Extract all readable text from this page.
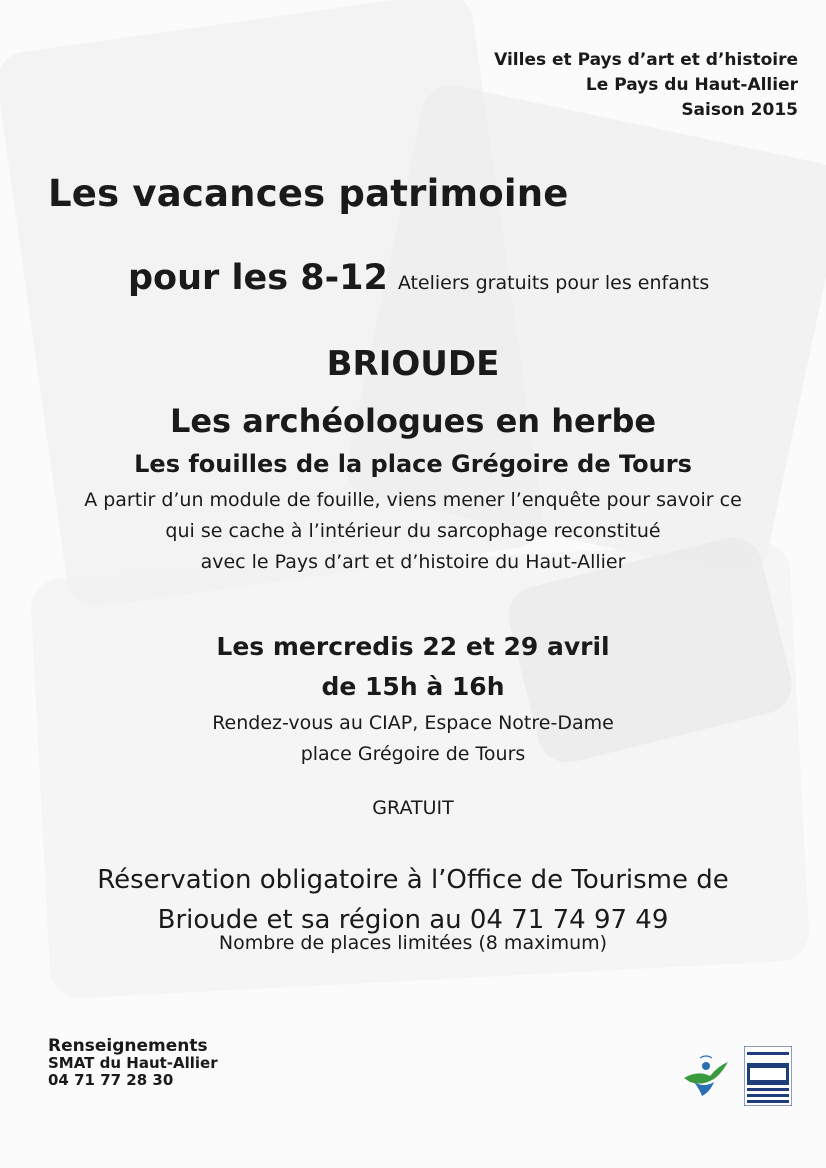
Villes et Pays d’art et d’histoire
Le Pays du Haut-Allier
Saison 2015
Les vacances patrimoine
pour les 8-12 Ateliers gratuits pour les enfants
BRIOUDE
Les archéologues en herbe
Les fouilles de la place Grégoire de Tours
A partir d’un module de fouille, viens mener l’enquête pour savoir ce
qui se cache à l’intérieur du sarcophage reconstitué
avec le Pays d’art et d’histoire du Haut-Allier
Les mercredis 22 et 29 avril
de 15h à 16h
Rendez-vous au CIAP, Espace Notre-Dame
place Grégoire de Tours
GRATUIT
Réservation obligatoire à l’Office de Tourisme de
Brioude et sa région au 04 71 74 97 49
Nombre de places limitées (8 maximum)
Renseignements
SMAT du Haut-Allier
04 71 77 28 30
